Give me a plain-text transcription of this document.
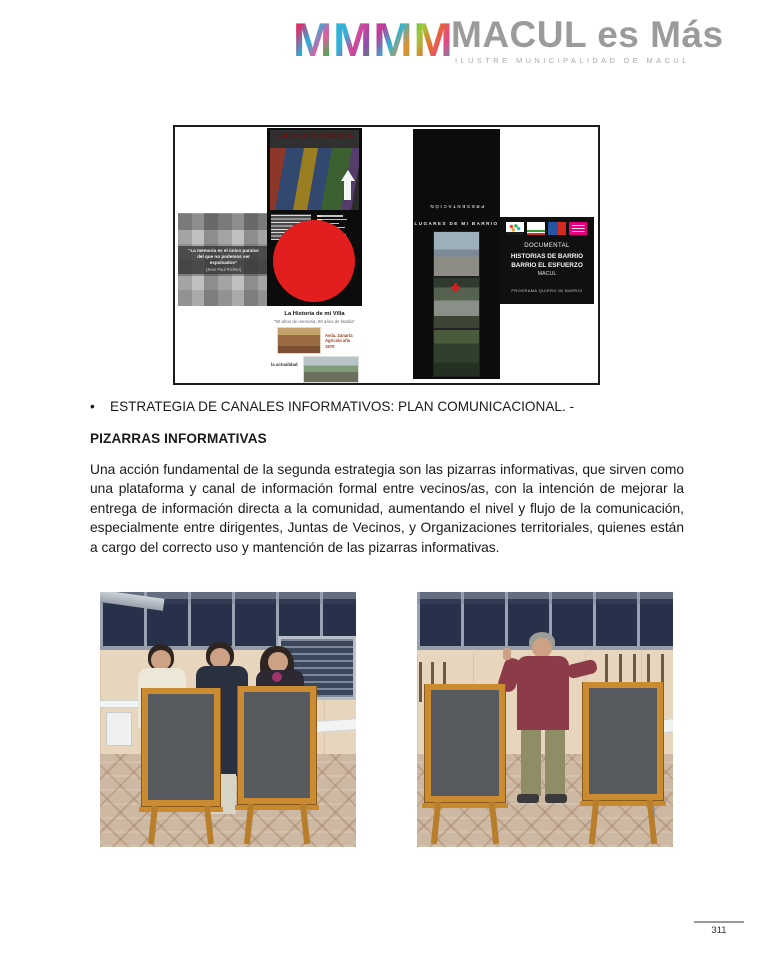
MMMM
MACUL es Más
ILUSTRE MUNICIPALIDAD DE MACUL
“La memoria es el único paraíso del que no podemos ser expulsados”
(Jean Paul Richter)
TERRITORIO BARRIAL
La Historia de mi Villa
“50 años de memoria, 50 años de familia”
Avda. Zanarta Agrícola año 1970
la actualidad
PRESENTACIÓN
LUGARES DE MI BARRIO
DOCUMENTAL
HISTORIAS DE BARRIO
BARRIO EL ESFUERZO
MACUL
PROGRAMA QUIERO MI BARRIO
• ESTRATEGIA DE CANALES INFORMATIVOS: PLAN COMUNICACIONAL. -
PIZARRAS INFORMATIVAS
Una acción fundamental de la segunda estrategia son las pizarras informativas, que sirven como una plataforma y canal de información formal entre vecinos/as, con la intención de mejorar la entrega de información directa a la comunidad, aumentando el nivel y flujo de la comunicación, especialmente entre dirigentes, Juntas de Vecinos, y Organizaciones territoriales, quienes están a cargo del correcto uso y mantención de las pizarras informativas.
311
